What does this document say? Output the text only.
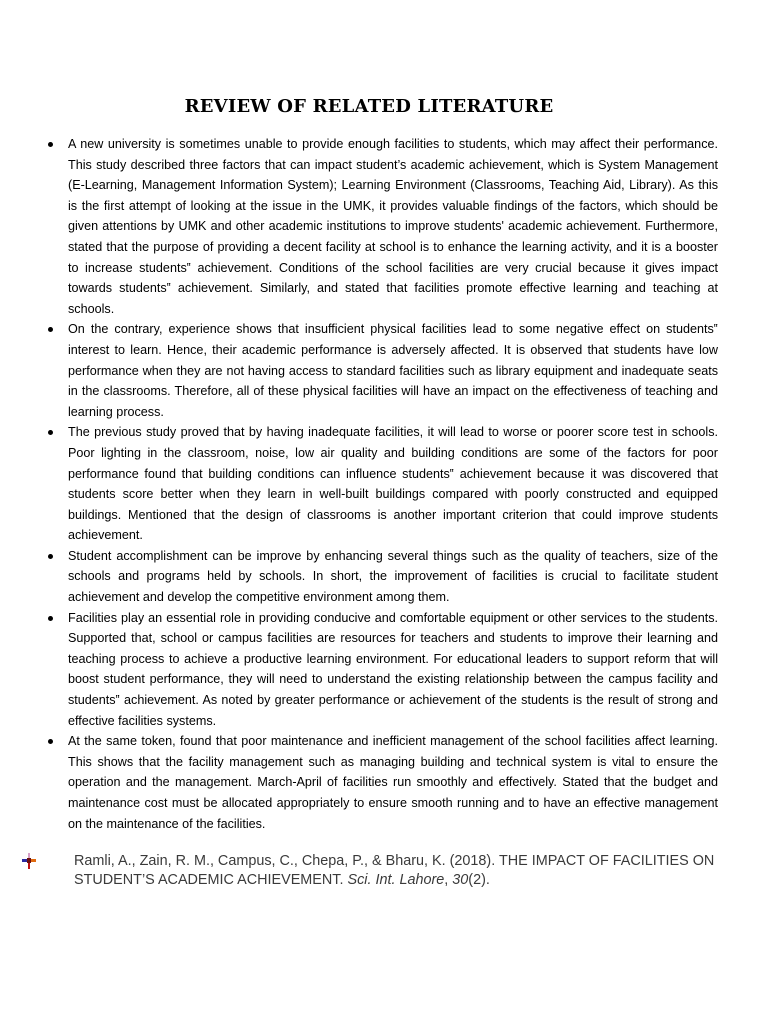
REVIEW OF RELATED LITERATURE
A new university is sometimes unable to provide enough facilities to students, which may affect their performance. This study described three factors that can impact student’s academic achievement, which is System Management (E-Learning, Management Information System); Learning Environment (Classrooms, Teaching Aid, Library). As this is the first attempt of looking at the issue in the UMK, it provides valuable findings of the factors, which should be given attentions by UMK and other academic institutions to improve students' academic achievement. Furthermore, stated that the purpose of providing a decent facility at school is to enhance the learning activity, and it is a booster to increase students‟ achievement. Conditions of the school facilities are very crucial because it gives impact towards students‟ achievement. Similarly, and stated that facilities promote effective learning and teaching at schools.
On the contrary, experience shows that insufficient physical facilities lead to some negative effect on students‟ interest to learn. Hence, their academic performance is adversely affected. It is observed that students have low performance when they are not having access to standard facilities such as library equipment and inadequate seats in the classrooms. Therefore, all of these physical facilities will have an impact on the effectiveness of teaching and learning process.
The previous study proved that by having inadequate facilities, it will lead to worse or poorer score test in schools. Poor lighting in the classroom, noise, low air quality and building conditions are some of the factors for poor performance found that building conditions can influence students‟ achievement because it was discovered that students score better when they learn in well-built buildings compared with poorly constructed and equipped buildings. Mentioned that the design of classrooms is another important criterion that could improve students achievement.
Student accomplishment can be improve by enhancing several things such as the quality of teachers, size of the schools and programs held by schools. In short, the improvement of facilities is crucial to facilitate student achievement and develop the competitive environment among them.
Facilities play an essential role in providing conducive and comfortable equipment or other services to the students. Supported that, school or campus facilities are resources for teachers and students to improve their learning and teaching process to achieve a productive learning environment. For educational leaders to support reform that will boost student performance, they will need to understand the existing relationship between the campus facility and students‟ achievement. As noted by greater performance or achievement of the students is the result of strong and effective facilities systems.
At the same token, found that poor maintenance and inefficient management of the school facilities affect learning. This shows that the facility management such as managing building and technical system is vital to ensure the operation and the management. March-April of facilities run smoothly and effectively. Stated that the budget and maintenance cost must be allocated appropriately to ensure smooth running and to have an effective management on the maintenance of the facilities.
Ramli, A., Zain, R. M., Campus, C., Chepa, P., & Bharu, K. (2018). THE IMPACT OF FACILITIES ON STUDENT’S ACADEMIC ACHIEVEMENT. Sci. Int. Lahore, 30(2).
